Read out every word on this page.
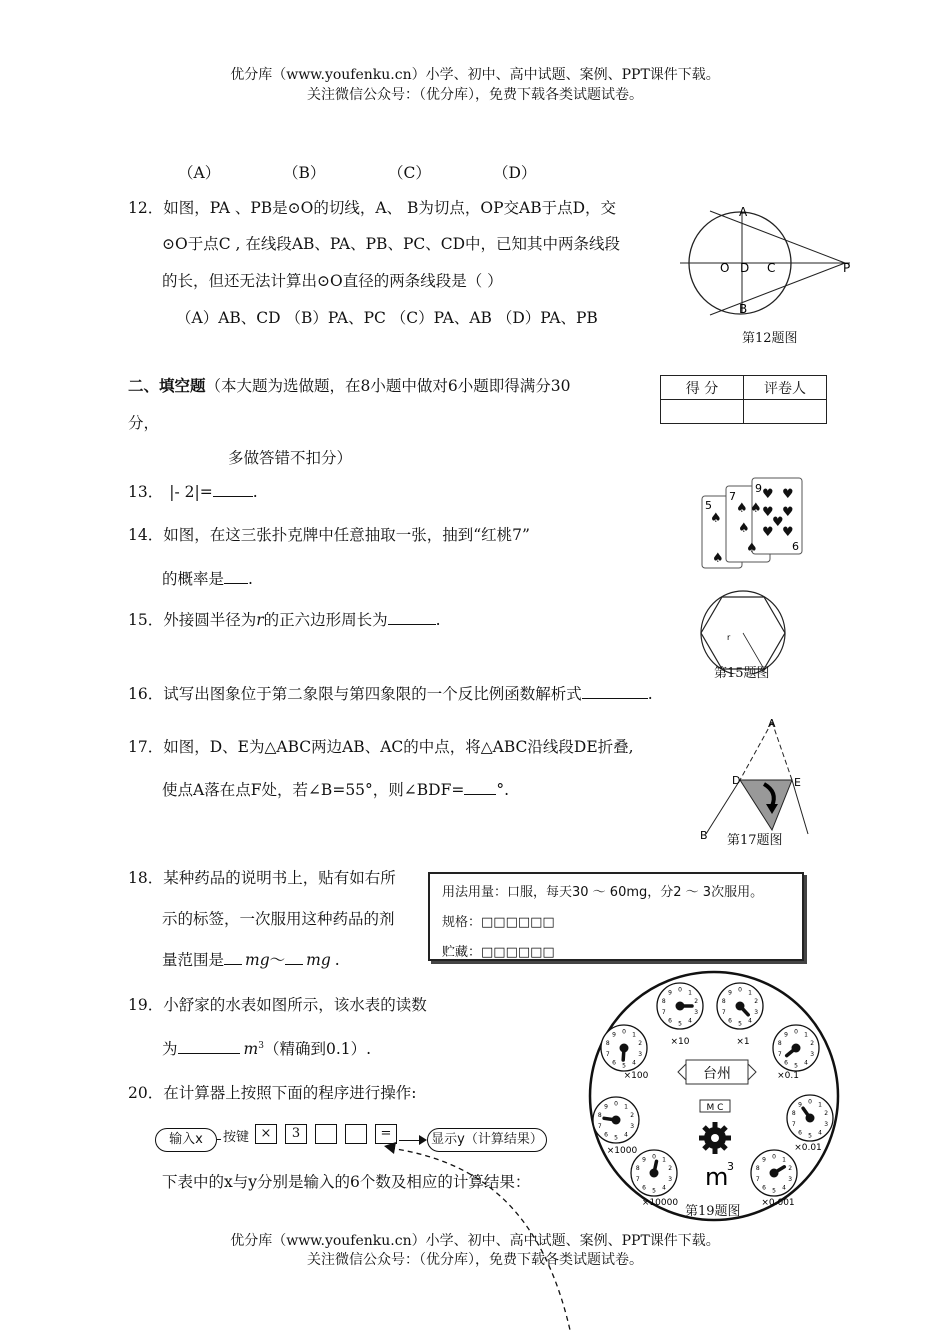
优分库（www.youfenku.cn）小学、初中、高中试题、案例、PPT课件下载。
关注微信公众号：（优分库），免费下载各类试题试卷。
（A）	（B）	（C）	（D）
12．如图，PA 、PB是⊙O的切线，A、 B为切点，OP交AB于点D，交
⊙O于点C , 在线段AB、PA、PB、PC、CD中，已知其中两条线段
的长，但还无法计算出⊙O直径的两条线段是（ ）
（A）AB、CD （B）PA、PC （C）PA、AB （D）PA、PB
A
B
O D C	P
第12题图
二、填空题（本大题为选做题，在8小题中做对6小题即得满分30
分，
多做答错不扣分）
得 分	评卷人

13． |- 2|=	.
5
7
9
6
♠
♠
♠ ♠
♠
♠
♥ ♥
♥ ♥
♥
♥ ♥
14．如图，在这三张扑克牌中任意抽取一张，抽到“红桃7”
的概率是 .
15．外接圆半径为r的正六边形周长为	.
r
第15题图
16．试写出图象位于第二象限与第四象限的一个反比例函数解析式	.
17．如图，D、E为△ABC两边AB、AC的中点，将△ABC沿线段DE折叠,
使点A落在点F处，若∠B=55°，则∠BDF= °.
A
D	E
B 第17题图
18．某种药品的说明书上，贴有如右所
示的标签，一次服用这种药品的剂
量范围是 mg～ mg .
用法用量：口服，每天30 ～ 60mg，分2 ～ 3次服用。
规格：□□□□□□
贮藏：□□□□□□
19．小舒家的水表如图所示，该水表的读数
为	$m^3$（精确到0.1）.
台州
M C
m
3
0 1
2
3
4
5
6
7
8
9
×10
0 1
2
3
4
5
6
7
8
9
×1
0 1
2
3
4
5
6
7
8
9
×100
0 1
2
3
4
5
6
7
8
9
×0.1
0 1
2
3
4
5
6
7
8
9
×1000
0 1
2
3
4
5
6
7
8
9
×0.01
0 1
2
3
4
5
6
7
8
9
×10000
0 1
2
3
4
5
6
7
8
9
×0.001
第19题图
20．在计算器上按照下面的程序进行操作:
输入x	按键 ×	3	=	显示y（计算结果）
下表中的x与y分别是输入的6个数及相应的计算结果：
优分库（www.youfenku.cn）小学、初中、高中试题、案例、PPT课件下载。
关注微信公众号：（优分库），免费下载各类试题试卷。
